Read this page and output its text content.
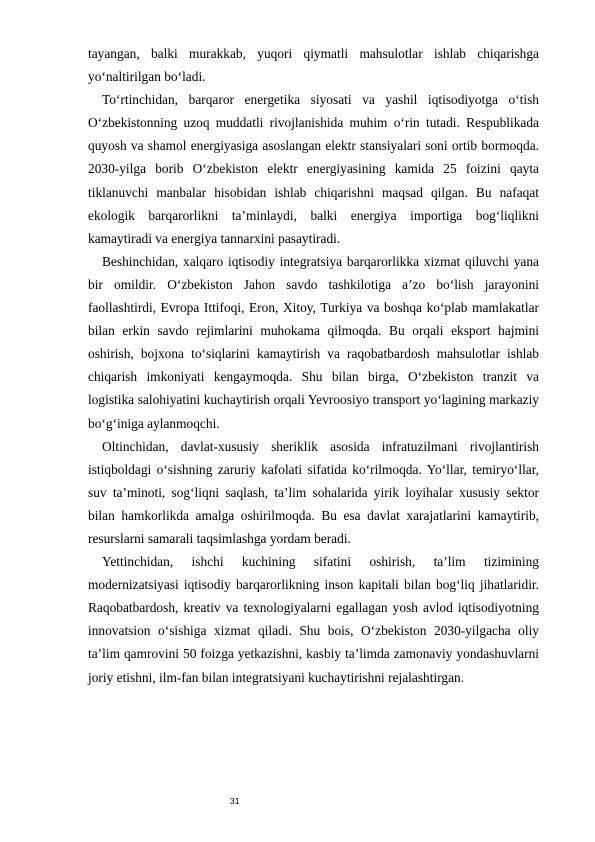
tayangan, balki murakkab, yuqori qiymatli mahsulotlar ishlab chiqarishga yo‘naltirilgan bo‘ladi.

To‘rtinchidan, barqaror energetika siyosati va yashil iqtisodiyotga o‘tish O‘zbekistonning uzoq muddatli rivojlanishida muhim o‘rin tutadi. Respublikada quyosh va shamol energiyasiga asoslangan elektr stansiyalari soni ortib bormoqda. 2030-yilga borib O‘zbekiston elektr energiyasining kamida 25 foizini qayta tiklanuvchi manbalar hisobidan ishlab chiqarishni maqsad qilgan. Bu nafaqat ekologik barqarorlikni ta’minlaydi, balki energiya importiga bog‘liqlikni kamaytiradi va energiya tannarxini pasaytiradi.

Beshinchidan, xalqaro iqtisodiy integratsiya barqarorlikka xizmat qiluvchi yana bir omildir. O‘zbekiston Jahon savdo tashkilotiga a’zo bo‘lish jarayonini faollashtirdi, Evropa Ittifoqi, Eron, Xitoy, Turkiya va boshqa ko‘plab mamlakatlar bilan erkin savdo rejimlarini muhokama qilmoqda. Bu orqali eksport hajmini oshirish, bojxona to‘siqlarini kamaytirish va raqobatbardosh mahsulotlar ishlab chiqarish imkoniyati kengaymoqda. Shu bilan birga, O‘zbekiston tranzit va logistika salohiyatini kuchaytirish orqali Yevroosiyo transport yo‘lagining markaziy bo‘g‘iniga aylanmoqchi.

Oltinchidan, davlat-xususiy sheriklik asosida infratuzilmani rivojlantirish istiqboldagi o‘sishning zaruriy kafolati sifatida ko‘rilmoqda. Yo‘llar, temiryo‘llar, suv ta’minoti, sog‘liqni saqlash, ta’lim sohalarida yirik loyihalar xususiy sektor bilan hamkorlikda amalga oshirilmoqda. Bu esa davlat xarajatlarini kamaytirib, resurslarni samarali taqsimlashga yordam beradi.

Yettinchidan, ishchi kuchining sifatini oshirish, ta’lim tizimining modernizatsiyasi iqtisodiy barqarorlikning inson kapitali bilan bog‘liq jihatlaridir. Raqobatbardosh, kreativ va texnologiyalarni egallagan yosh avlod iqtisodiyotning innovatsion o‘sishiga xizmat qiladi. Shu bois, O‘zbekiston 2030-yilgacha oliy ta’lim qamrovini 50 foizga yetkazishni, kasbiy ta’limda zamonaviy yondashuvlarni joriy etishni, ilm-fan bilan integratsiyani kuchaytirishni rejalashtirgan.

31
